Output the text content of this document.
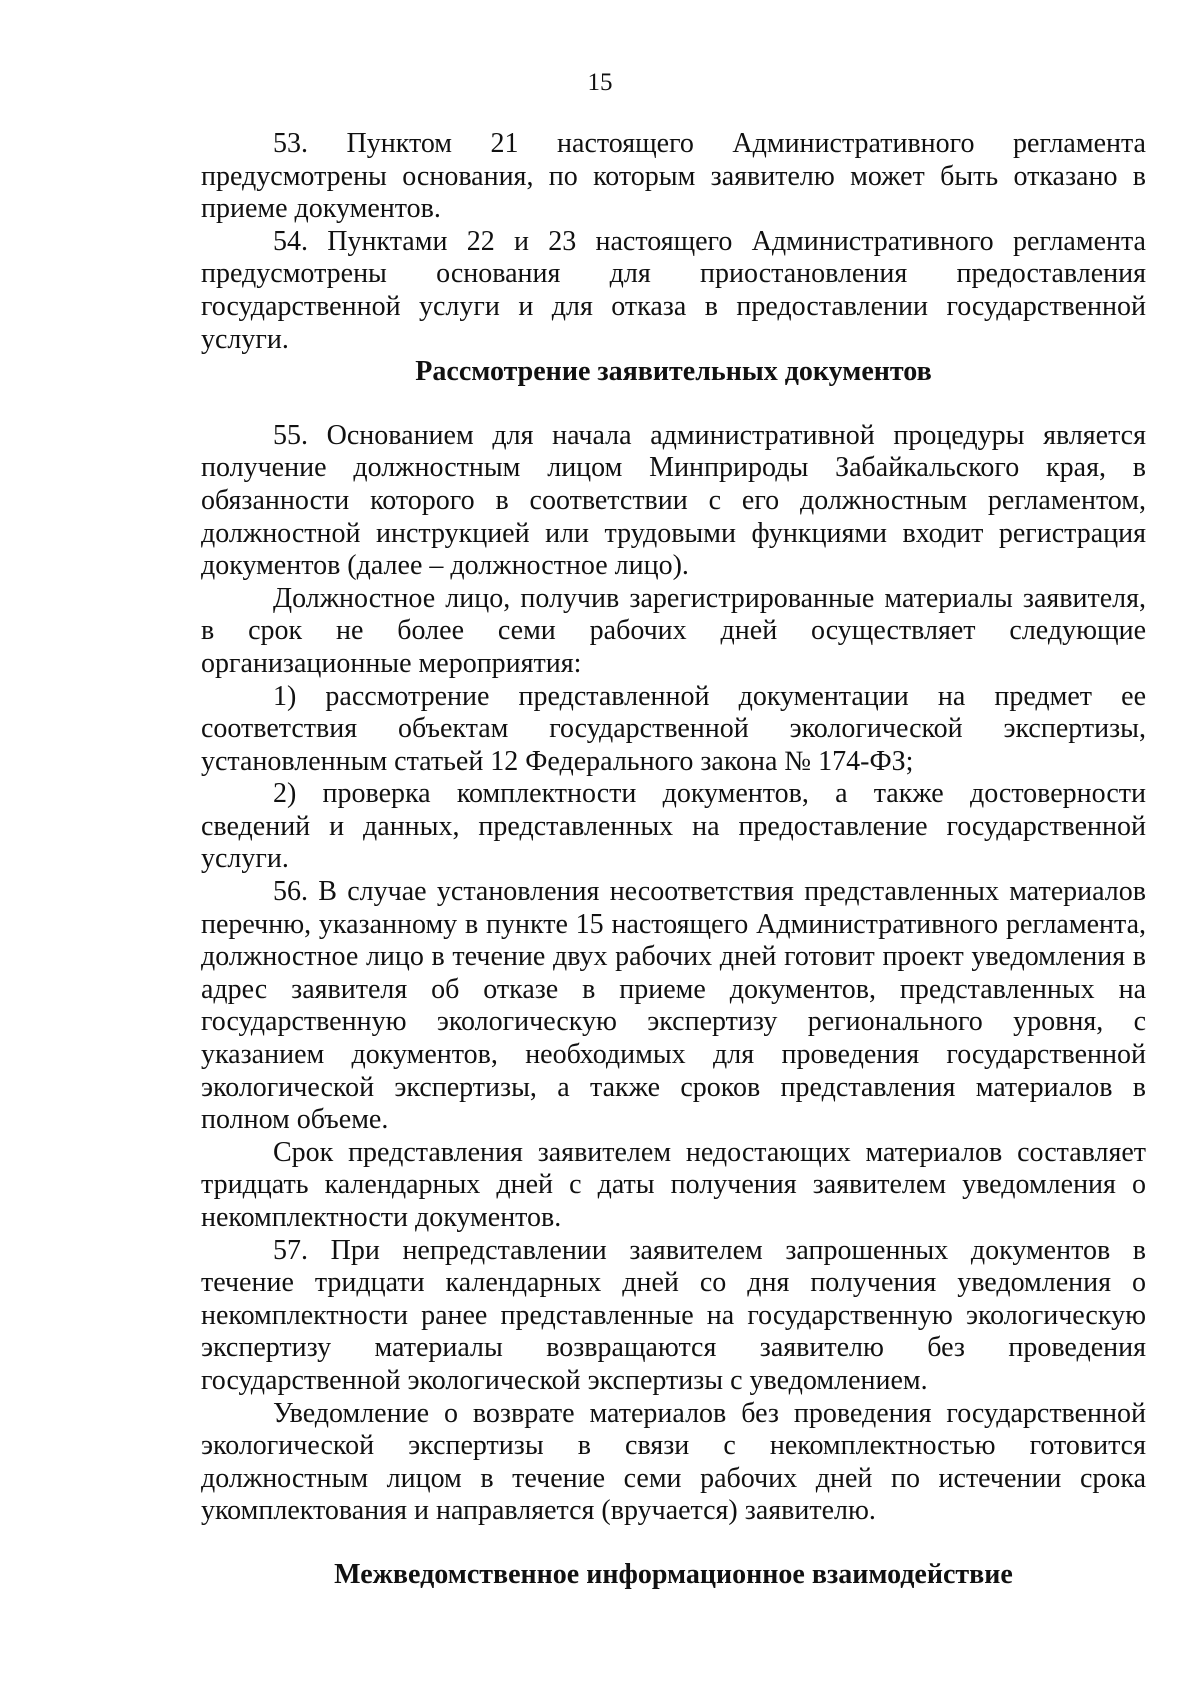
15

53. Пунктом 21 настоящего Административного регламента предусмотрены основания, по которым заявителю может быть отказано в приеме документов.

54. Пунктами 22 и 23 настоящего Административного регламента предусмотрены основания для приостановления предоставления государственной услуги и для отказа в предоставлении государственной услуги.

Рассмотрение заявительных документов

55. Основанием для начала административной процедуры является получение должностным лицом Минприроды Забайкальского края, в обязанности которого в соответствии с его должностным регламентом, должностной инструкцией или трудовыми функциями входит регистрация документов (далее – должностное лицо).

Должностное лицо, получив зарегистрированные материалы заявителя, в срок не более семи рабочих дней осуществляет следующие организационные мероприятия:

1) рассмотрение представленной документации на предмет ее соответствия объектам государственной экологической экспертизы, установленным статьей 12 Федерального закона № 174-ФЗ;

2) проверка комплектности документов, а также достоверности сведений и данных, представленных на предоставление государственной услуги.

56. В случае установления несоответствия представленных материалов перечню, указанному в пункте 15 настоящего Административного регламента, должностное лицо в течение двух рабочих дней готовит проект уведомления в адрес заявителя об отказе в приеме документов, представленных на государственную экологическую экспертизу регионального уровня, с указанием документов, необходимых для проведения государственной экологической экспертизы, а также сроков представления материалов в полном объеме.

Срок представления заявителем недостающих материалов составляет тридцать календарных дней с даты получения заявителем уведомления о некомплектности документов.

57. При непредставлении заявителем запрошенных документов в течение тридцати календарных дней со дня получения уведомления о некомплектности ранее представленные на государственную экологическую экспертизу материалы возвращаются заявителю без проведения государственной экологической экспертизы с уведомлением.

Уведомление о возврате материалов без проведения государственной экологической экспертизы в связи с некомплектностью готовится должностным лицом в течение семи рабочих дней по истечении срока укомплектования и направляется (вручается) заявителю.

Межведомственное информационное взаимодействие
